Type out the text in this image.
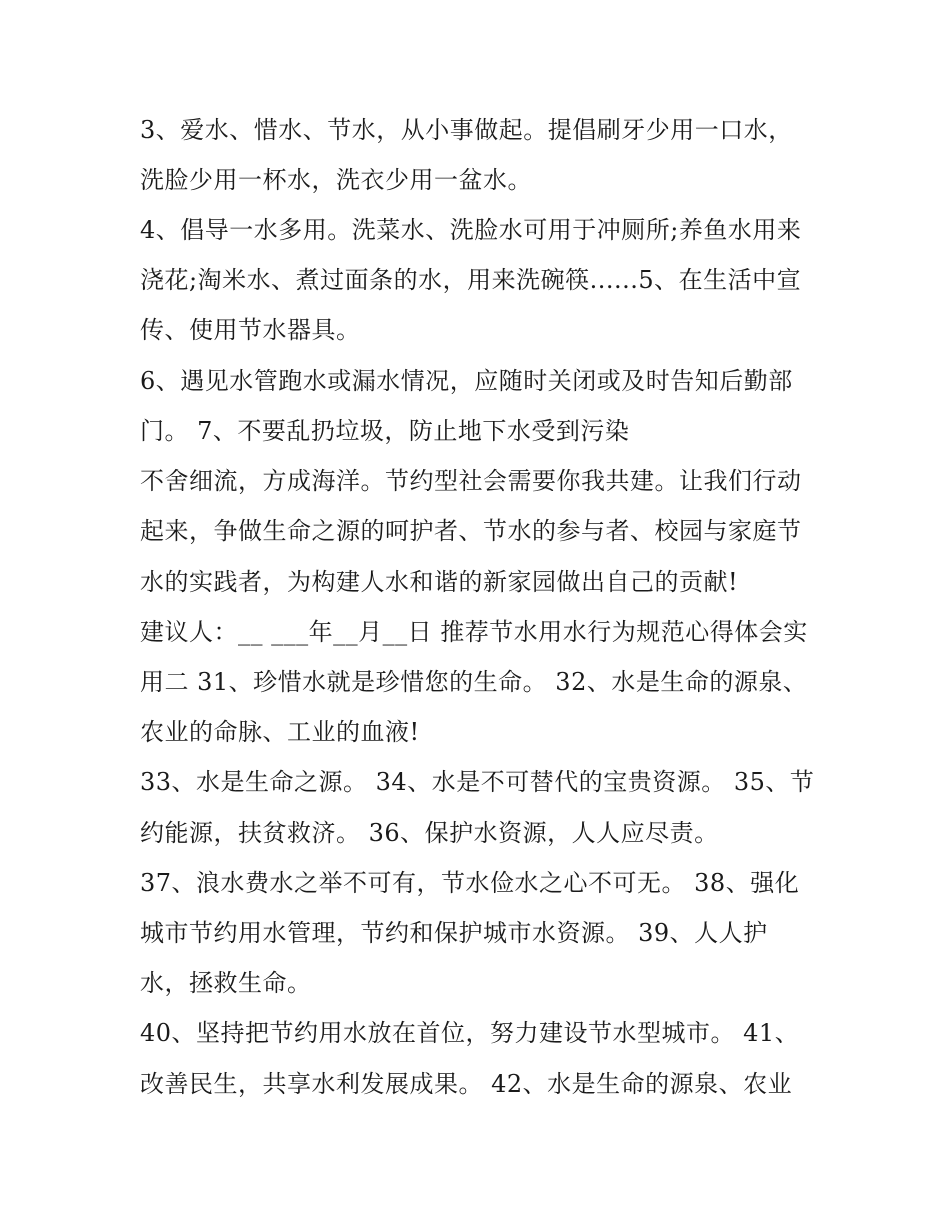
3、爱水、惜水、节水，从小事做起。提倡刷牙少用一口水，
洗脸少用一杯水，洗衣少用一盆水。
4、倡导一水多用。洗菜水、洗脸水可用于冲厕所;养鱼水用来
浇花;淘米水、煮过面条的水，用来洗碗筷......5、在生活中宣
传、使用节水器具。
6、遇见水管跑水或漏水情况，应随时关闭或及时告知后勤部
门。 7、不要乱扔垃圾，防止地下水受到污染
不舍细流，方成海洋。节约型社会需要你我共建。让我们行动
起来，争做生命之源的呵护者、节水的参与者、校园与家庭节
水的实践者，为构建人水和谐的新家园做出自己的贡献!
建议人：__ ___年__月__日 推荐节水用水行为规范心得体会实
用二 31、珍惜水就是珍惜您的生命。 32、水是生命的源泉、
农业的命脉、工业的血液!
33、水是生命之源。 34、水是不可替代的宝贵资源。 35、节
约能源，扶贫救济。 36、保护水资源，人人应尽责。
37、浪水费水之举不可有，节水俭水之心不可无。 38、强化
城市节约用水管理，节约和保护城市水资源。 39、人人护
水，拯救生命。
40、坚持把节约用水放在首位，努力建设节水型城市。 41、
改善民生，共享水利发展成果。 42、水是生命的源泉、农业
